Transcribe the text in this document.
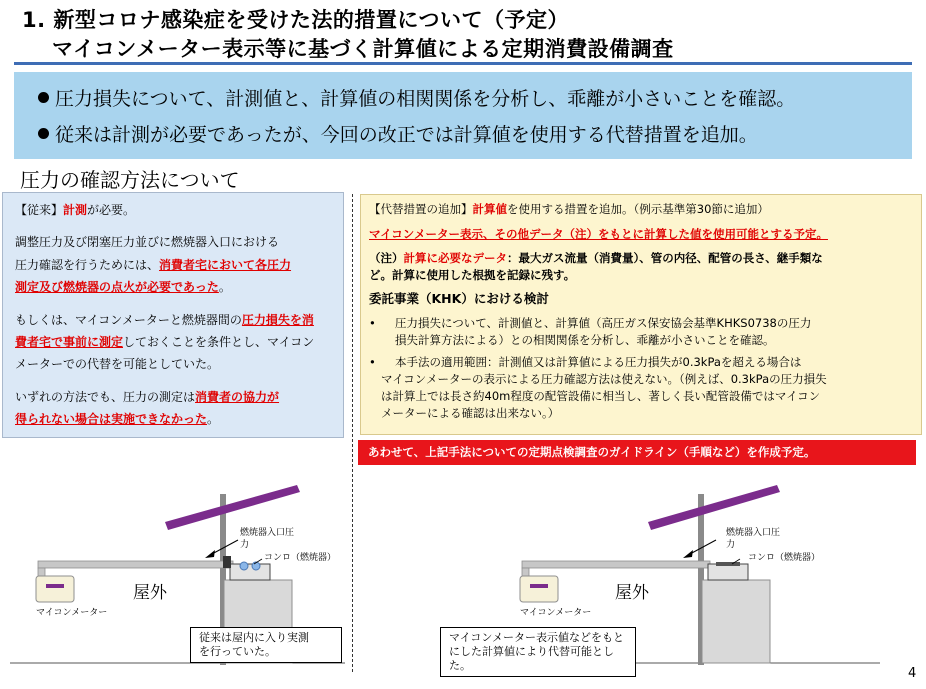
1. 新型コロナ感染症を受けた法的措置について（予定）
マイコンメーター表示等に基づく計算値による定期消費設備調査
圧力損失について、計測値と、計算値の相関関係を分析し、乖離が小さいことを確認。
従来は計測が必要であったが、今回の改正では計算値を使用する代替措置を追加。
圧力の確認方法について
【従来】計測が必要。
調整圧力及び閉塞圧力並びに燃焼器入口における
圧力確認を行うためには、消費者宅において各圧力
測定及び燃焼器の点火が必要であった。
もしくは、マイコンメーターと燃焼器間の圧力損失を消
費者宅で事前に測定しておくことを条件とし、マイコン
メーターでの代替を可能としていた。
いずれの方法でも、圧力の測定は消費者の協力が
得られない場合は実施できなかった。
【代替措置の追加】計算値を使用する措置を追加。（例示基準第30節に追加）
マイコンメーター表示、その他データ（注）をもとに計算した値を使用可能とする予定。
（注）計算に必要なデータ：最大ガス流量（消費量）、管の内径、配管の長さ、継手類な
ど。計算に使用した根拠を記録に残す。
委託事業（KHK）における検討
• 圧力損失について、計測値と、計算値（高圧ガス保安協会基準KHKS0738の圧力
損失計算方法による）との相関関係を分析し、乖離が小さいことを確認。
• 本手法の適用範囲：計測値又は計算値による圧力損失が0.3kPaを超える場合は
マイコンメーターの表示による圧力確認方法は使えない。（例えば、0.3kPaの圧力損失
は計算上では長さ約40m程度の配管設備に相当し、著しく長い配管設備ではマイコン
メーターによる確認は出来ない。）
あわせて、上記手法についての定期点検調査のガイドライン（手順など）を作成予定。
燃焼器入口圧
力
コンロ（燃焼器）
屋外
マイコンメーター
従来は屋内に入り実測
を行っていた。
燃焼器入口圧
力
コンロ（燃焼器）
屋外
マイコンメーター
マイコンメーター表示値などをもと
にした計算値により代替可能とし
た。
4
